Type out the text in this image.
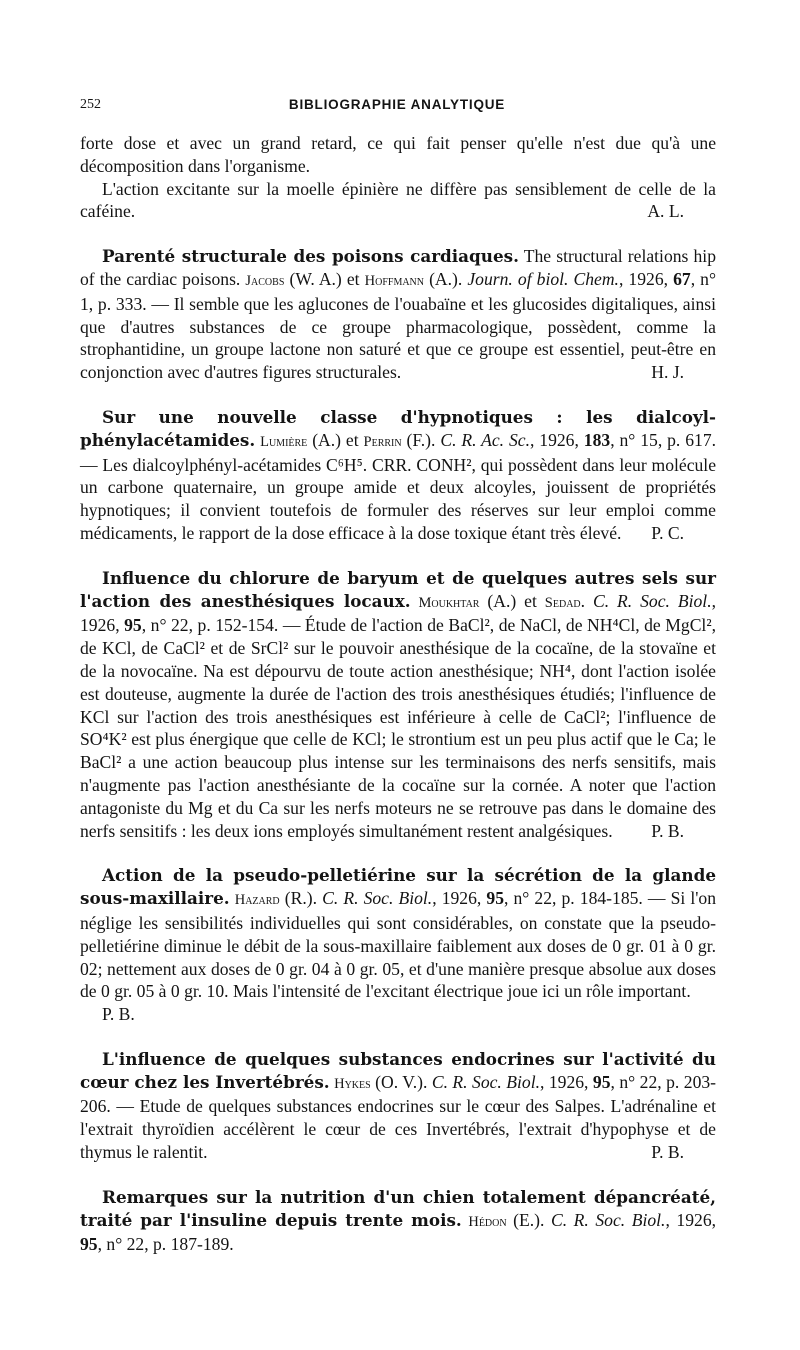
252	BIBLIOGRAPHIE ANALYTIQUE

forte dose et avec un grand retard, ce qui fait penser qu'elle n'est due qu'à une décomposition dans l'organisme.

L'action excitante sur la moelle épinière ne diffère pas sensiblement de celle de la caféine.	A. L.

Parenté structurale des poisons cardiaques. The structural relations hip of the cardiac poisons. Jacobs (W. A.) et Hoffmann (A.). Journ. of biol. Chem., 1926, 67, n° 1, p. 333. — Il semble que les aglucones de l'ouabaïne et les glucosides digitaliques, ainsi que d'autres substances de ce groupe pharmacologique, possèdent, comme la strophantidine, un groupe lactone non saturé et que ce groupe est essentiel, peut-être en conjonction avec d'autres figures structurales.	H. J.

Sur une nouvelle classe d'hypnotiques : les dialcoyl-phénylacétamides. Lumière (A.) et Perrin (F.). C. R. Ac. Sc., 1926, 183, n° 15, p. 617. — Les dialcoylphényl-acétamides C⁶H⁵. CRR. CONH², qui possèdent dans leur molécule un carbone quaternaire, un groupe amide et deux alcoyles, jouissent de propriétés hypnotiques; il convient toutefois de formuler des réserves sur leur emploi comme médicaments, le rapport de la dose efficace à la dose toxique étant très élevé.	P. C.

Influence du chlorure de baryum et de quelques autres sels sur l'action des anesthésiques locaux. Moukhtar (A.) et Sedad. C. R. Soc. Biol., 1926, 95, n° 22, p. 152-154. — Étude de l'action de BaCl², de NaCl, de NH⁴Cl, de MgCl², de KCl, de CaCl² et de SrCl² sur le pouvoir anesthésique de la cocaïne, de la stovaïne et de la novocaïne. Na est dépourvu de toute action anesthésique; NH⁴, dont l'action isolée est douteuse, augmente la durée de l'action des trois anesthésiques étudiés; l'influence de KCl sur l'action des trois anesthésiques est inférieure à celle de CaCl²; l'influence de SO⁴K² est plus énergique que celle de KCl; le strontium est un peu plus actif que le Ca; le BaCl² a une action beaucoup plus intense sur les terminaisons des nerfs sensitifs, mais n'augmente pas l'action anesthésiante de la cocaïne sur la cornée. A noter que l'action antagoniste du Mg et du Ca sur les nerfs moteurs ne se retrouve pas dans le domaine des nerfs sensitifs : les deux ions employés simultanément restent analgésiques.	P. B.

Action de la pseudo-pelletiérine sur la sécrétion de la glande sous-maxillaire. Hazard (R.). C. R. Soc. Biol., 1926, 95, n° 22, p. 184-185. — Si l'on néglige les sensibilités individuelles qui sont considérables, on constate que la pseudo-pelletiérine diminue le débit de la sous-maxillaire faiblement aux doses de 0 gr. 01 à 0 gr. 02; nettement aux doses de 0 gr. 04 à 0 gr. 05, et d'une manière presque absolue aux doses de 0 gr. 05 à 0 gr. 10. Mais l'intensité de l'excitant électrique joue ici un rôle important.
P. B.

L'influence de quelques substances endocrines sur l'activité du cœur chez les Invertébrés. Hykes (O. V.). C. R. Soc. Biol., 1926, 95, n° 22, p. 203-206. — Etude de quelques substances endocrines sur le cœur des Salpes. L'adrénaline et l'extrait thyroïdien accélèrent le cœur de ces Invertébrés, l'extrait d'hypophyse et de thymus le ralentit.	P. B.

Remarques sur la nutrition d'un chien totalement dépancréaté, traité par l'insuline depuis trente mois. Hédon (E.). C. R. Soc. Biol., 1926, 95, n° 22, p. 187-189.
